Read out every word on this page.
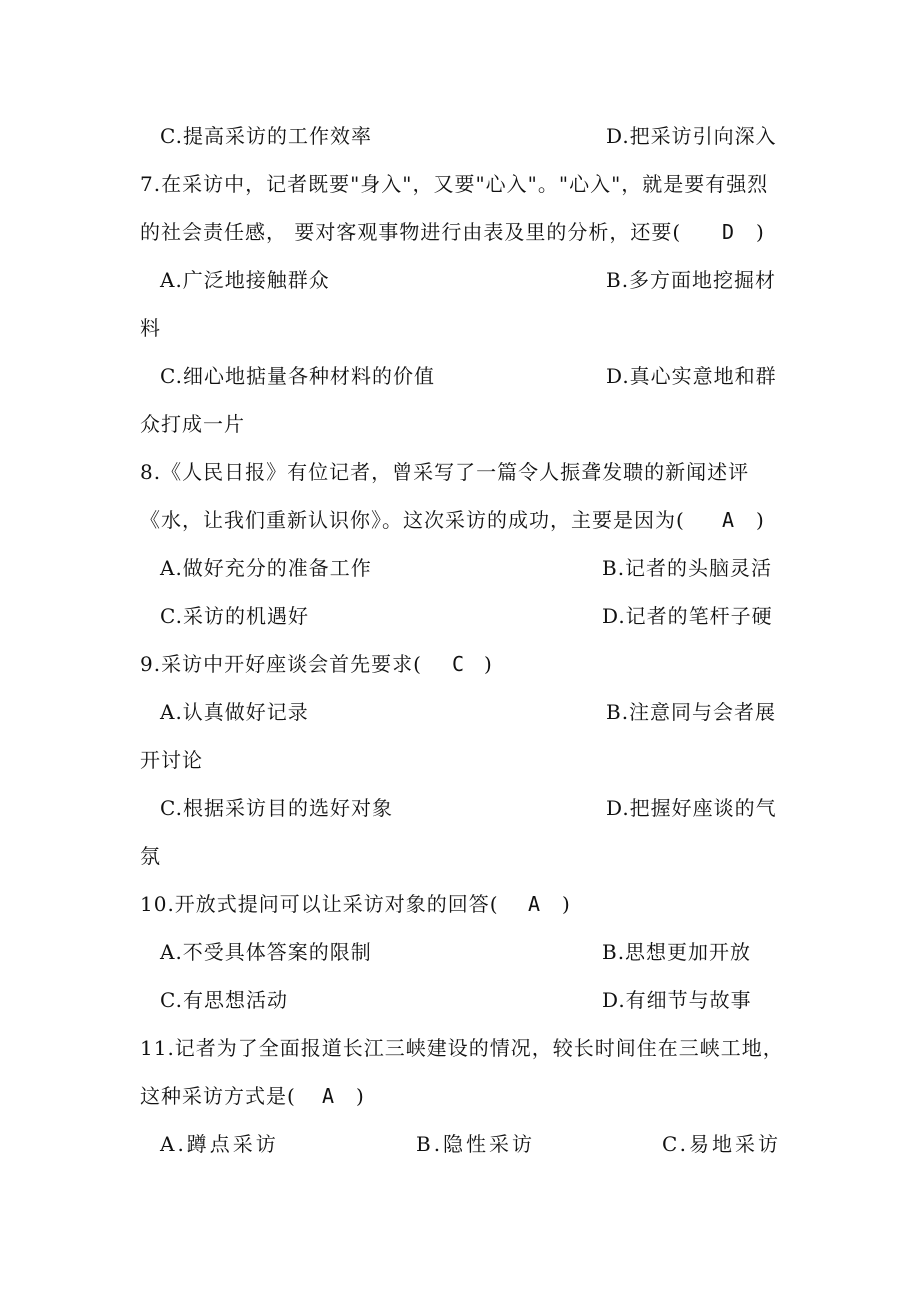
C.提高采访的工作效率	D.把采访引向深入
7.在采访中，记者既要"身入"，又要"心入"。"心入"，就是要有强烈
的社会责任感， 要对客观事物进行由表及里的分析，还要( D )
A.广泛地接触群众	B.多方面地挖掘材
料
C.细心地掂量各种材料的价值	D.真心实意地和群
众打成一片
8.《人民日报》有位记者，曾采写了一篇令人振聋发聩的新闻述评
《水，让我们重新认识你》。这次采访的成功，主要是因为( A )
A.做好充分的准备工作	B.记者的头脑灵活
C.采访的机遇好	D.记者的笔杆子硬
9.采访中开好座谈会首先要求( C )
A.认真做好记录	B.注意同与会者展
开讨论
C.根据采访目的选好对象	D.把握好座谈的气
氛
10.开放式提问可以让采访对象的回答( A )
A.不受具体答案的限制	B.思想更加开放
C.有思想活动	D.有细节与故事
11.记者为了全面报道长江三峡建设的情况，较长时间住在三峡工地，
这种采访方式是( A )
A.蹲点采访	B.隐性采访	C.易地采访
